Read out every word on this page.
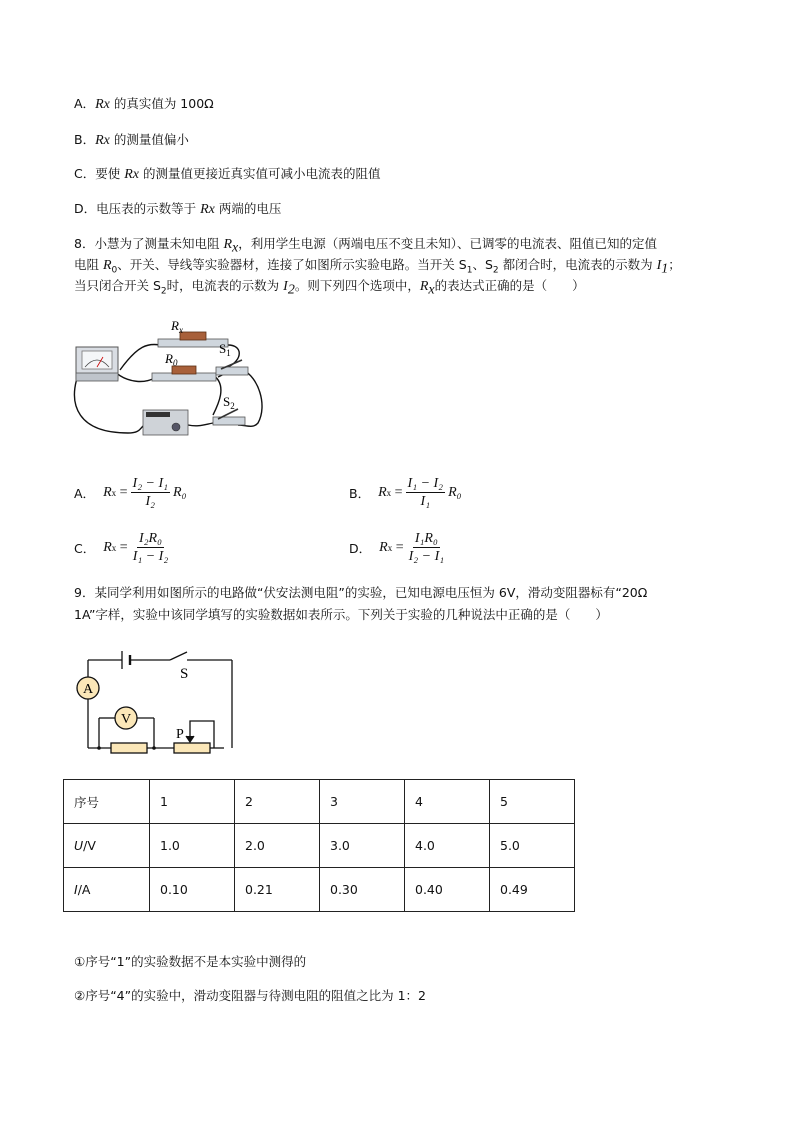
A．Rx 的真实值为 100Ω
B．Rx 的测量值偏小
C．要使 Rx 的测量值更接近真实值可减小电流表的阻值
D．电压表的示数等于 Rx 两端的电压
8．小慧为了测量未知电阻 $R_x$，利用学生电源（两端电压不变且未知）、已调零的电流表、阻值已知的定值
电阻 $R_0$、开关、导线等实验器材，连接了如图所示实验电路。当开关 $S_1$、$S_2$ 都闭合时，电流表的示数为 $I_1$；
当只闭合开关 $S_2$时，电流表的示数为 $I_2$。则下列四个选项中，$R_x$的表达式正确的是（　　）
$R_x$
$R_0$
$S_1$
$S_2$
A． R $x = \frac{\text{I₂ − I₁}}{\text{I₂}} R_0$	B． R $x = \frac{\text{I₁ − I₂}}{\text{I₁}} R_0$
C． R $x = \frac{\text{I₂R₀}}{\text{I₁ − I₂}}$	D． R $x = \frac{\text{I₁R₀}}{\text{I₂ − I₁}}$
9．某同学利用如图所示的电路做“伏安法测电阻”的实验，已知电源电压恒为 6V，滑动变阻器标有“20Ω
1A”字样，实验中该同学填写的实验数据如表所示。下列关于实验的几种说法中正确的是（　　）
A
V
S
P
序号	1	2	3	4	5
U/V	1.0	2.0	3.0	4.0	5.0
I/A	0.10	0.21	0.30	0.40	0.49
①序号“1”的实验数据不是本实验中测得的
②序号“4”的实验中，滑动变阻器与待测电阻的阻值之比为 1：2
